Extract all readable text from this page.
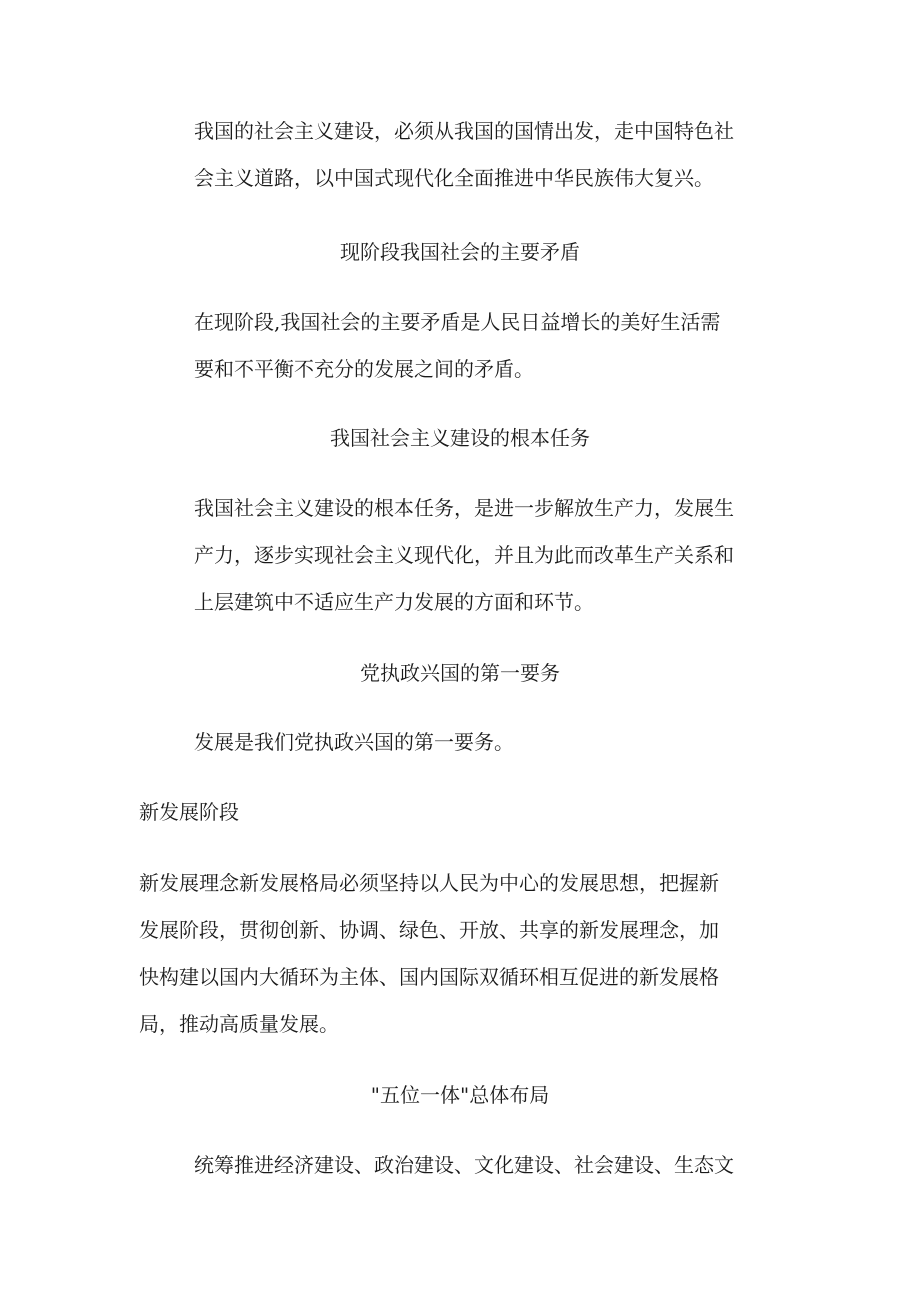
我国的社会主义建设，必须从我国的国情出发，走中国特色社
会主义道路，以中国式现代化全面推进中华民族伟大复兴。
现阶段我国社会的主要矛盾
在现阶段,我国社会的主要矛盾是人民日益增长的美好生活需
要和不平衡不充分的发展之间的矛盾。
我国社会主义建设的根本任务
我国社会主义建设的根本任务，是进一步解放生产力，发展生
产力，逐步实现社会主义现代化，并且为此而改革生产关系和
上层建筑中不适应生产力发展的方面和环节。
党执政兴国的第一要务
发展是我们党执政兴国的第一要务。
新发展阶段
新发展理念新发展格局必须坚持以人民为中心的发展思想，把握新
发展阶段，贯彻创新、协调、绿色、开放、共享的新发展理念，加
快构建以国内大循环为主体、国内国际双循环相互促进的新发展格
局，推动高质量发展。
"五位一体"总体布局
统筹推进经济建设、政治建设、文化建设、社会建设、生态文
